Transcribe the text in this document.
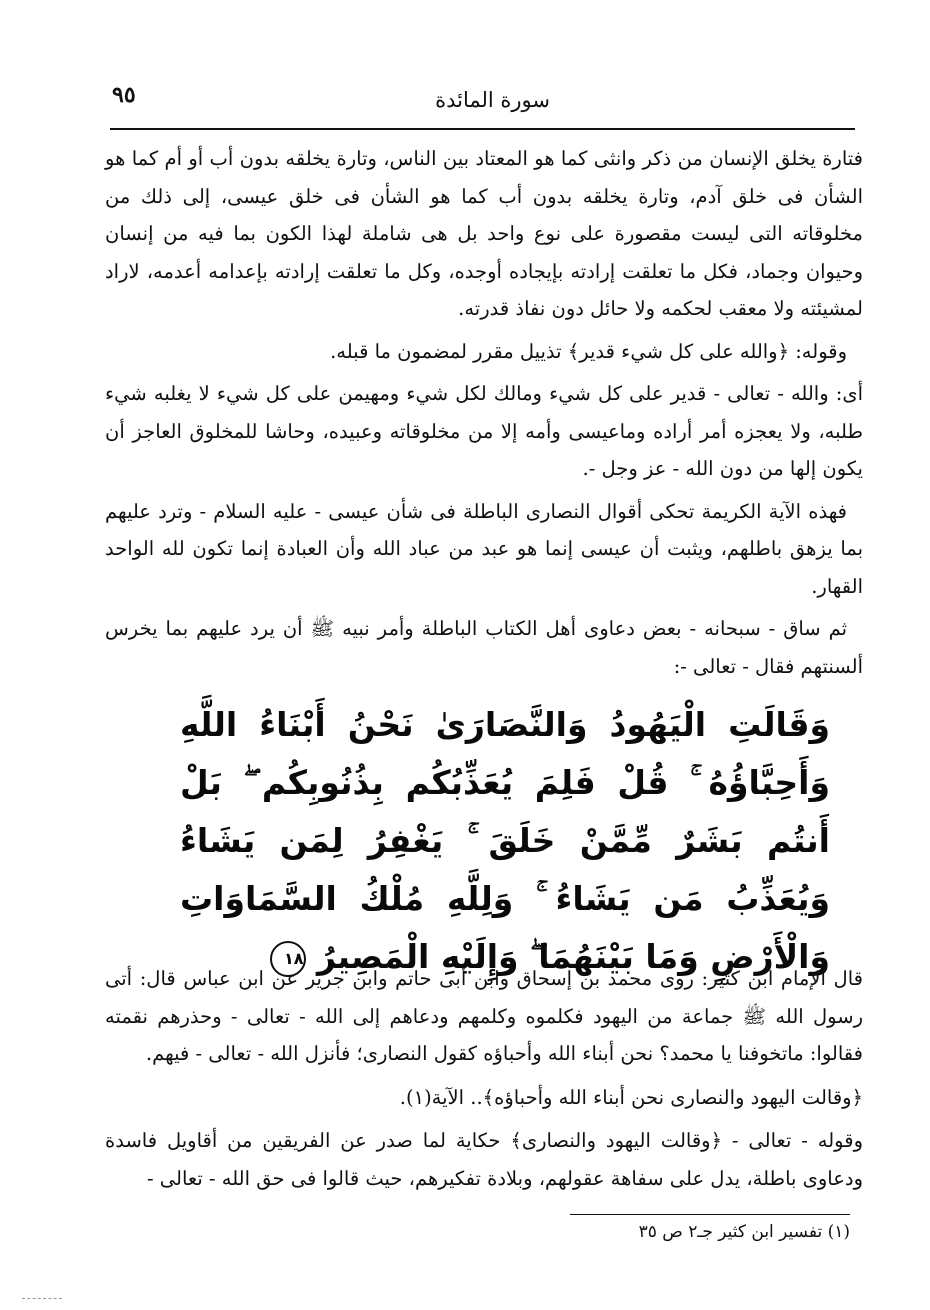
سورة المائدة
٩٥

فتارة يخلق الإنسان من ذكر وانثى كما هو المعتاد بين الناس، وتارة يخلقه بدون أب أو أم كما هو الشأن فى خلق آدم، وتارة يخلقه بدون أب كما هو الشأن فى خلق عيسى، إلى ذلك من مخلوقاته التى ليست مقصورة على نوع واحد بل هى شاملة لهذا الكون بما فيه من إنسان وحيوان وجماد، فكل ما تعلقت إرادته بإيجاده أوجده، وكل ما تعلقت إرادته بإعدامه أعدمه، لاراد لمشيئته ولا معقب لحكمه ولا حائل دون نفاذ قدرته.

وقوله: ﴿والله على كل شيء قدير﴾ تذييل مقرر لمضمون ما قبله.

أى: والله - تعالى - قدير على كل شيء ومالك لكل شيء ومهيمن على كل شيء لا يغلبه شيء طلبه، ولا يعجزه أمر أراده وماعيسى وأمه إلا من مخلوقاته وعبيده، وحاشا للمخلوق العاجز أن يكون إلها من دون الله - عز وجل -.

فهذه الآية الكريمة تحكى أقوال النصارى الباطلة فى شأن عيسى - عليه السلام - وترد عليهم بما يزهق باطلهم، ويثبت أن عيسى إنما هو عبد من عباد الله وأن العبادة إنما تكون لله الواحد القهار.

ثم ساق - سبحانه - بعض دعاوى أهل الكتاب الباطلة وأمر نبيه ﷺ أن يرد عليهم بما يخرس ألسنتهم فقال - تعالى -:

وَقَالَتِ الْيَهُودُ وَالنَّصَارَىٰ نَحْنُ أَبْنَاءُ اللَّهِ وَأَحِبَّاؤُهُ ۚ قُلْ فَلِمَ يُعَذِّبُكُم بِذُنُوبِكُم ۖ بَلْ أَنتُم بَشَرٌ مِّمَّنْ خَلَقَ ۚ يَغْفِرُ لِمَن يَشَاءُ وَيُعَذِّبُ مَن يَشَاءُ ۚ وَلِلَّهِ مُلْكُ السَّمَاوَاتِ وَالْأَرْضِ وَمَا بَيْنَهُمَا ۖ وَإِلَيْهِ الْمَصِيرُ ١٨

قال الإمام ابن كثير: روى محمد بن إسحاق وابن أبى حاتم وابن جرير عن ابن عباس قال: أتى رسول الله ﷺ جماعة من اليهود فكلموه وكلمهم ودعاهم إلى الله - تعالى - وحذرهم نقمته فقالوا: ماتخوفنا يا محمد؟ نحن أبناء الله وأحباؤه كقول النصارى؛ فأنزل الله - تعالى - فيهم.

﴿وقالت اليهود والنصارى نحن أبناء الله وأحباؤه﴾.. الآية(١).

وقوله - تعالى - ﴿وقالت اليهود والنصارى﴾ حكاية لما صدر عن الفريقين من أقاويل فاسدة ودعاوى باطلة، يدل على سفاهة عقولهم، وبلادة تفكيرهم، حيث قالوا فى حق الله - تعالى -

(١) تفسير ابن كثير جـ٢ ص ٣٥
